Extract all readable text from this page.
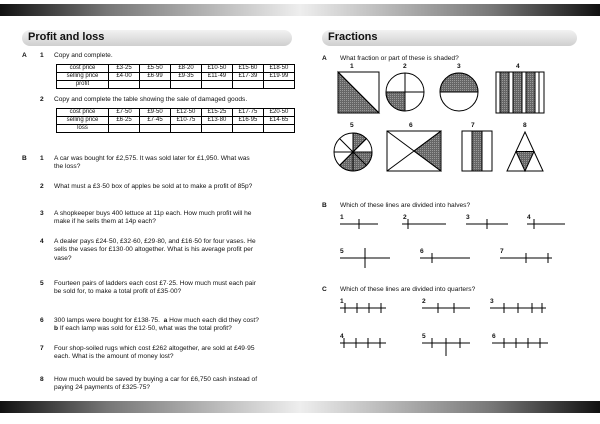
Profit and loss
A 1 Copy and complete.
cost price	£3·25	£5·50	£8·20	£10·50	£15·60	£18·50
selling price	£4·00	£6·99	£9·35	£11·49	£17·39	£19·99
profit						
2 Copy and complete the table showing the sale of damaged goods.
cost price	£7·50	£9·50	£12·50	£15·25	£17·75	£20·50
selling price	£6·25	£7·45	£10·75	£13·80	£16·95	£14·65
loss						
B 1 A car was bought for £2,575. It was sold later for £1,950. What was
the loss?
2 What must a £3·50 box of apples be sold at to make a profit of 85p?
3 A shopkeeper buys 400 lettuce at 11p each. How much profit will he
make if he sells them at 14p each?
4 A dealer pays £24·50, £32·60, £29·80, and £16·50 for four vases. He
sells the vases for £130·00 altogether. What is his average profit per
vase?
5 Fourteen pairs of ladders each cost £7·25. How much must each pair
be sold for, to make a total profit of £35·00?
7 Four shop-soiled rugs which cost £262 altogether, are sold at £49·95
each. What is the amount of money lost?
8 How much would be saved by buying a car for £6,750 cash instead of
paying 24 payments of £325·75?
6 300 lamps were bought for £138·75. a How much each did they cost?
b If each lamp was sold for £12·50, what was the total profit?
Fractions
A What fraction or part of these is shaded?
1	2	3	4
5	6	7	8
B Which of these lines are divided into halves?
1	2	3	4
5	6	7
C Which of these lines are divided into quarters?
1	2	3
4	5	6
